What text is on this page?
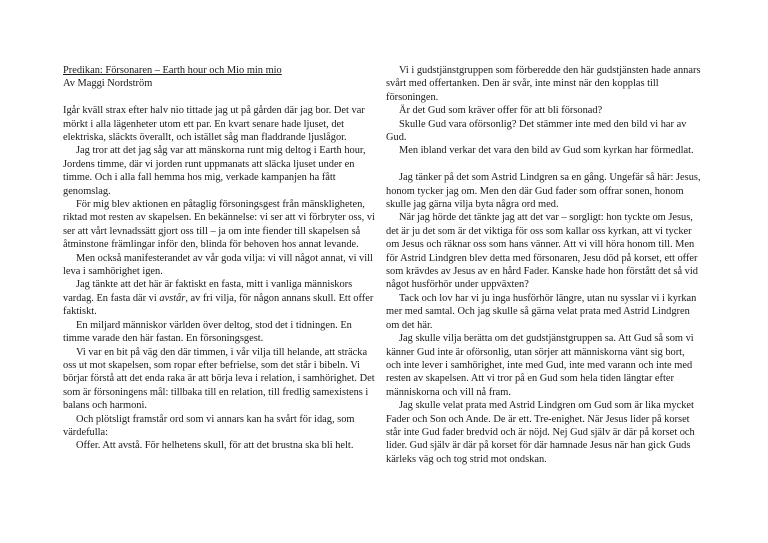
Predikan: Försonaren – Earth hour och Mio min mio

Av Maggi Nordström

Igår kväll strax efter halv nio tittade jag ut på gården där jag bor. Det var mörkt i alla lägenheter utom ett par. En kvart senare hade ljuset, det elektriska, släckts överallt, och istället såg man fladdrande ljuslågor.

Jag tror att det jag såg var att mänskorna runt mig deltog i Earth hour, Jordens timme, där vi jorden runt uppmanats att släcka ljuset under en timme. Och i alla fall hemma hos mig, verkade kampanjen ha fått genomslag.

För mig blev aktionen en påtaglig försoningsgest från mänskligheten, riktad mot resten av skapelsen. En bekännelse: vi ser att vi förbryter oss, vi ser att vårt levnadssätt gjort oss till – ja om inte fiender till skapelsen så åtminstone främlingar inför den, blinda för behoven hos annat levande.

Men också manifesterandet av vår goda vilja: vi vill något annat, vi vill leva i samhörighet igen.

Jag tänkte att det här är faktiskt en fasta, mitt i vanliga människors vardag. En fasta där vi avstår, av fri vilja, för någon annans skull. Ett offer faktiskt.

En miljard människor världen över deltog, stod det i tidningen. En timme varade den här fastan. En försoningsgest.

Vi var en bit på väg den där timmen, i vår vilja till helande, att sträcka oss ut mot skapelsen, som ropar efter befrielse, som det står i bibeln. Vi börjar förstå att det enda raka är att börja leva i relation, i samhörighet. Det som är försoningens mål: tillbaka till en relation, till fredlig samexistens i balans och harmoni.

Och plötsligt framstår ord som vi annars kan ha svårt för idag, som värdefulla:

Offer. Att avstå. För helhetens skull, för att det brustna ska bli helt.

Vi i gudstjänstgruppen som förberedde den här gudstjänsten hade annars svårt med offertanken. Den är svår, inte minst när den kopplas till försoningen.

Är det Gud som kräver offer för att bli försonad?

Skulle Gud vara oförsonlig? Det stämmer inte med den bild vi har av Gud.

Men ibland verkar det vara den bild av Gud som kyrkan har förmedlat.

Jag tänker på det som Astrid Lindgren sa en gång. Ungefär så här: Jesus, honom tycker jag om. Men den där Gud fader som offrar sonen, honom skulle jag gärna vilja byta några ord med.

När jag hörde det tänkte jag att det var – sorgligt: hon tyckte om Jesus, det är ju det som är det viktiga för oss som kallar oss kyrkan, att vi tycker om Jesus och räknar oss som hans vänner. Att vi vill höra honom till. Men för Astrid Lindgren blev detta med försonaren, Jesu död på korset, ett offer som krävdes av Jesus av en hård Fader. Kanske hade hon förstått det så vid något husförhör under uppväxten?

Tack och lov har vi ju inga husförhör längre, utan nu sysslar vi i kyrkan mer med samtal. Och jag skulle så gärna velat prata med Astrid Lindgren om det här.

Jag skulle vilja berätta om det gudstjänstgruppen sa. Att Gud så som vi känner Gud inte är oförsonlig, utan sörjer att människorna vänt sig bort, och inte lever i samhörighet, inte med Gud, inte med varann och inte med resten av skapelsen. Att vi tror på en Gud som hela tiden längtar efter människorna och vill nå fram.

Jag skulle velat prata med Astrid Lindgren om Gud som är lika mycket Fader och Son och Ande. De är ett. Tre-enighet. När Jesus lider på korset står inte Gud fader bredvid och är nöjd. Nej Gud själv är där på korset och lider. Gud själv är där på korset för där hamnade Jesus när han gick Guds kärleks väg och tog strid mot ondskan.
